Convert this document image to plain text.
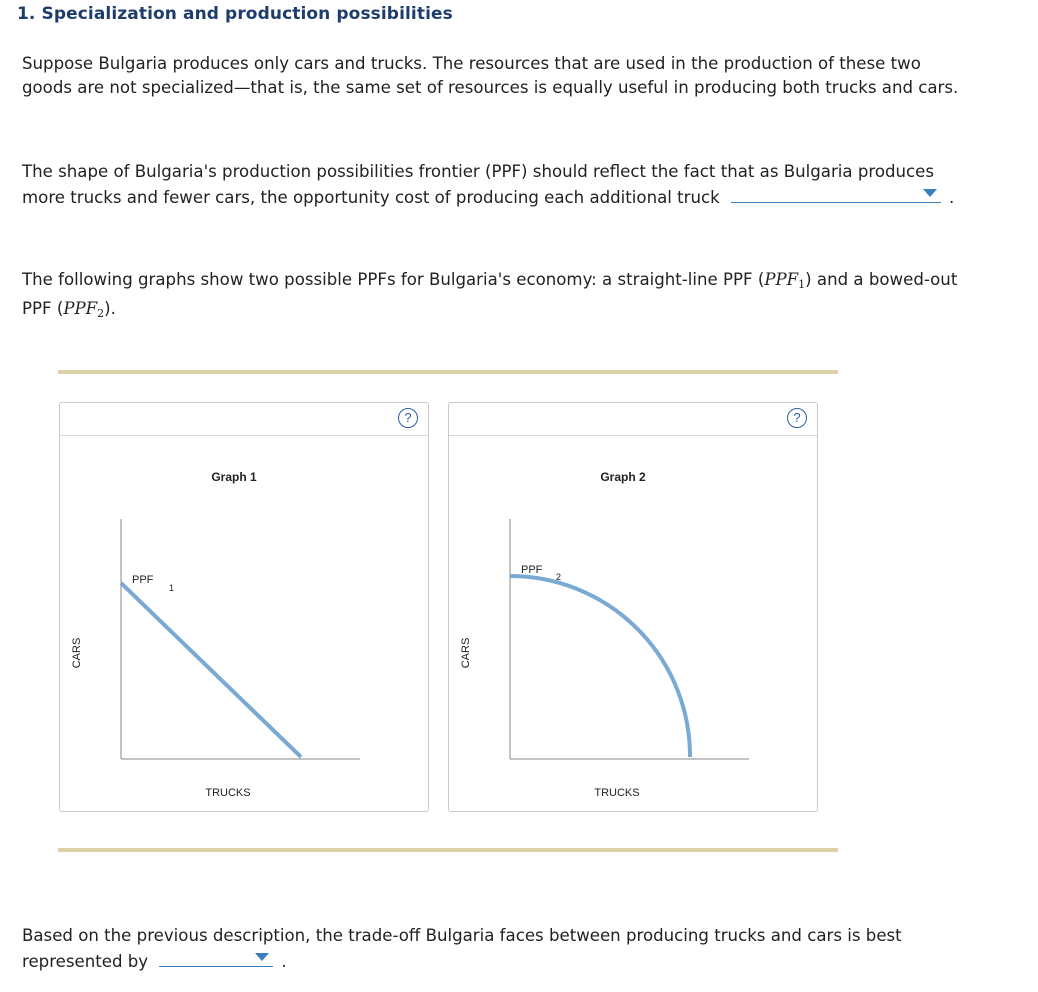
1. Specialization and production possibilities
Suppose Bulgaria produces only cars and trucks. The resources that are used in the production of these two goods are not specialized—that is, the same set of resources is equally useful in producing both trucks and cars.
The shape of Bulgaria's production possibilities frontier (PPF) should reflect the fact that as Bulgaria produces more trucks and fewer cars, the opportunity cost of producing each additional truck	.
The following graphs show two possible PPFs for Bulgaria's economy: a straight-line PPF $(PPF_1)$ and a bowed-out PPF $(PPF_2)$.
?
Graph 1
PPF
1
TRUCKS
CARS
?
Graph 2
PPF
2
TRUCKS
CARS
Based on the previous description, the trade-off Bulgaria faces between producing trucks and cars is best represented by	.
